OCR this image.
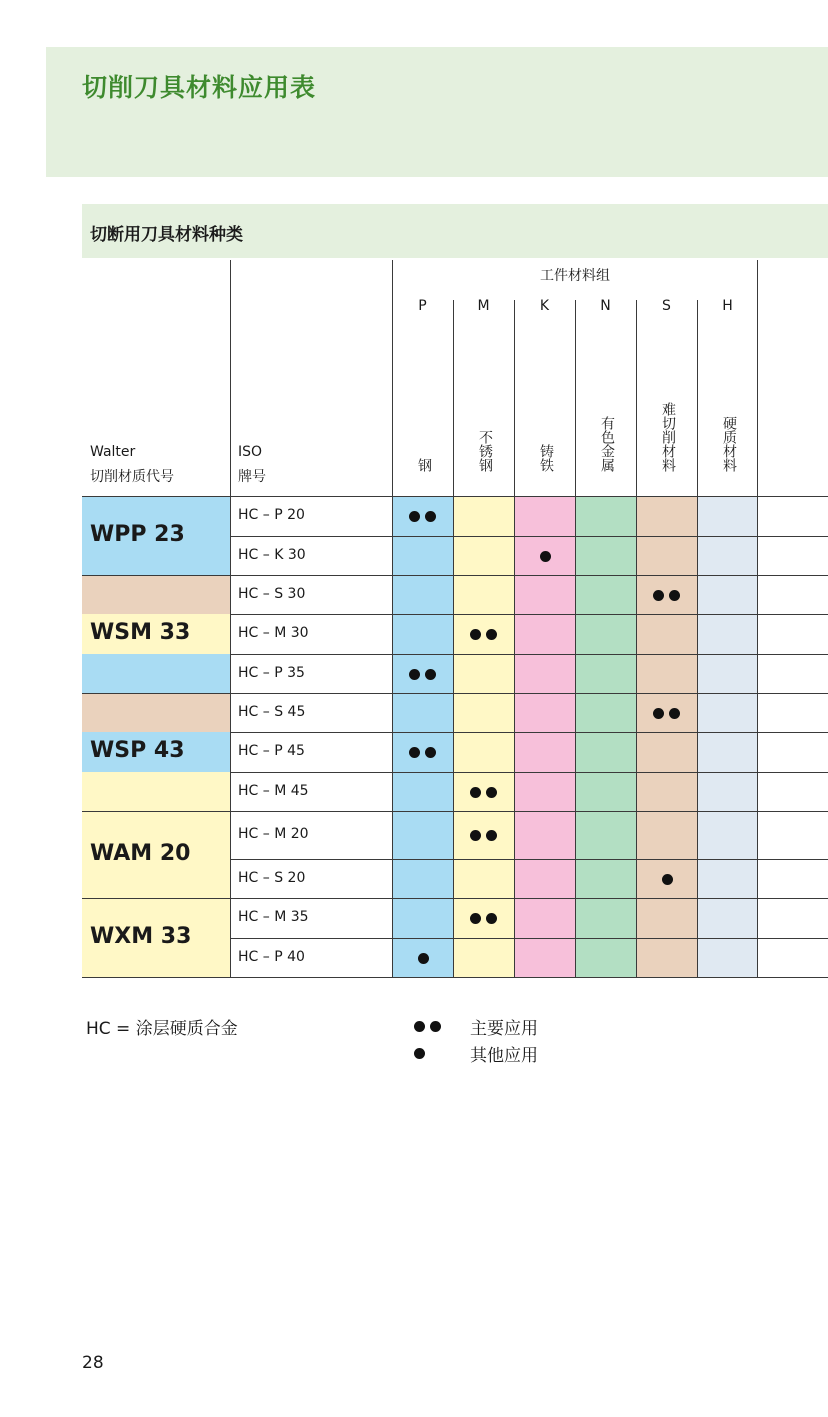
切削刀具材料应用表
切断用刀具材料种类
Walter
切削材质代号
ISO
牌号
工件材料组
P
钢
M
不锈钢
K
铸铁
N
有色金属
S
难切削材料
H
硬质材料
HC – P 20
HC – K 30
WPP 23
HC – S 30
HC – M 30
HC – P 35
WSM 33
HC – S 45
HC – P 45
HC – M 45
WSP 43
HC – M 20
HC – S 20
WAM 20
HC – M 35
HC – P 40
WXM 33
HC = 涂层硬质合金	主要应用
其他应用
28
